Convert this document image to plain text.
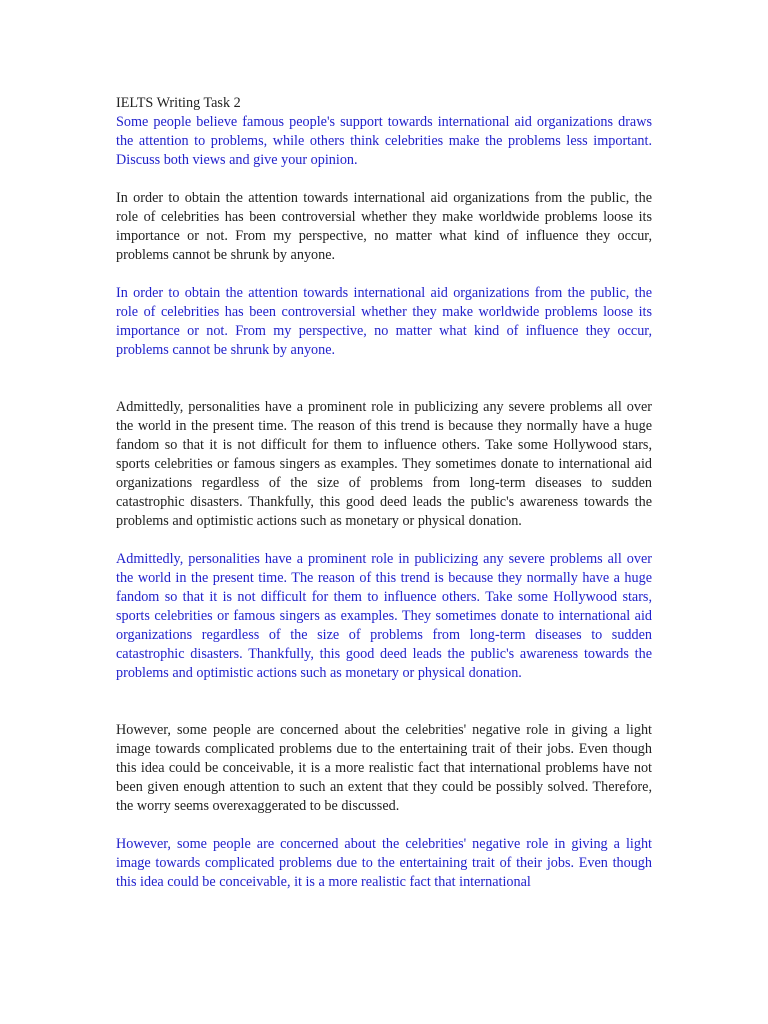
IELTS Writing Task 2

Some people believe famous people's support towards international aid organizations draws the attention to problems, while others think celebrities make the problems less important. Discuss both views and give your opinion.

In order to obtain the attention towards international aid organizations from the public, the role of celebrities has been controversial whether they make worldwide problems loose its importance or not. From my perspective, no matter what kind of influence they occur, problems cannot be shrunk by anyone.

In order to obtain the attention towards international aid organizations from the public, the role of celebrities has been controversial whether they make worldwide problems loose its importance or not. From my perspective, no matter what kind of influence they occur, problems cannot be shrunk by anyone.

Admittedly, personalities have a prominent role in publicizing any severe problems all over the world in the present time. The reason of this trend is because they normally have a huge fandom so that it is not difficult for them to influence others. Take some Hollywood stars, sports celebrities or famous singers as examples. They sometimes donate to international aid organizations regardless of the size of problems from long-term diseases to sudden catastrophic disasters. Thankfully, this good deed leads the public's awareness towards the problems and optimistic actions such as monetary or physical donation.

Admittedly, personalities have a prominent role in publicizing any severe problems all over the world in the present time. The reason of this trend is because they normally have a huge fandom so that it is not difficult for them to influence others. Take some Hollywood stars, sports celebrities or famous singers as examples. They sometimes donate to international aid organizations regardless of the size of problems from long-term diseases to sudden catastrophic disasters. Thankfully, this good deed leads the public's awareness towards the problems and optimistic actions such as monetary or physical donation.

However, some people are concerned about the celebrities' negative role in giving a light image towards complicated problems due to the entertaining trait of their jobs. Even though this idea could be conceivable, it is a more realistic fact that international problems have not been given enough attention to such an extent that they could be possibly solved. Therefore, the worry seems overexaggerated to be discussed.

However, some people are concerned about the celebrities' negative role in giving a light image towards complicated problems due to the entertaining trait of their jobs. Even though this idea could be conceivable, it is a more realistic fact that international
